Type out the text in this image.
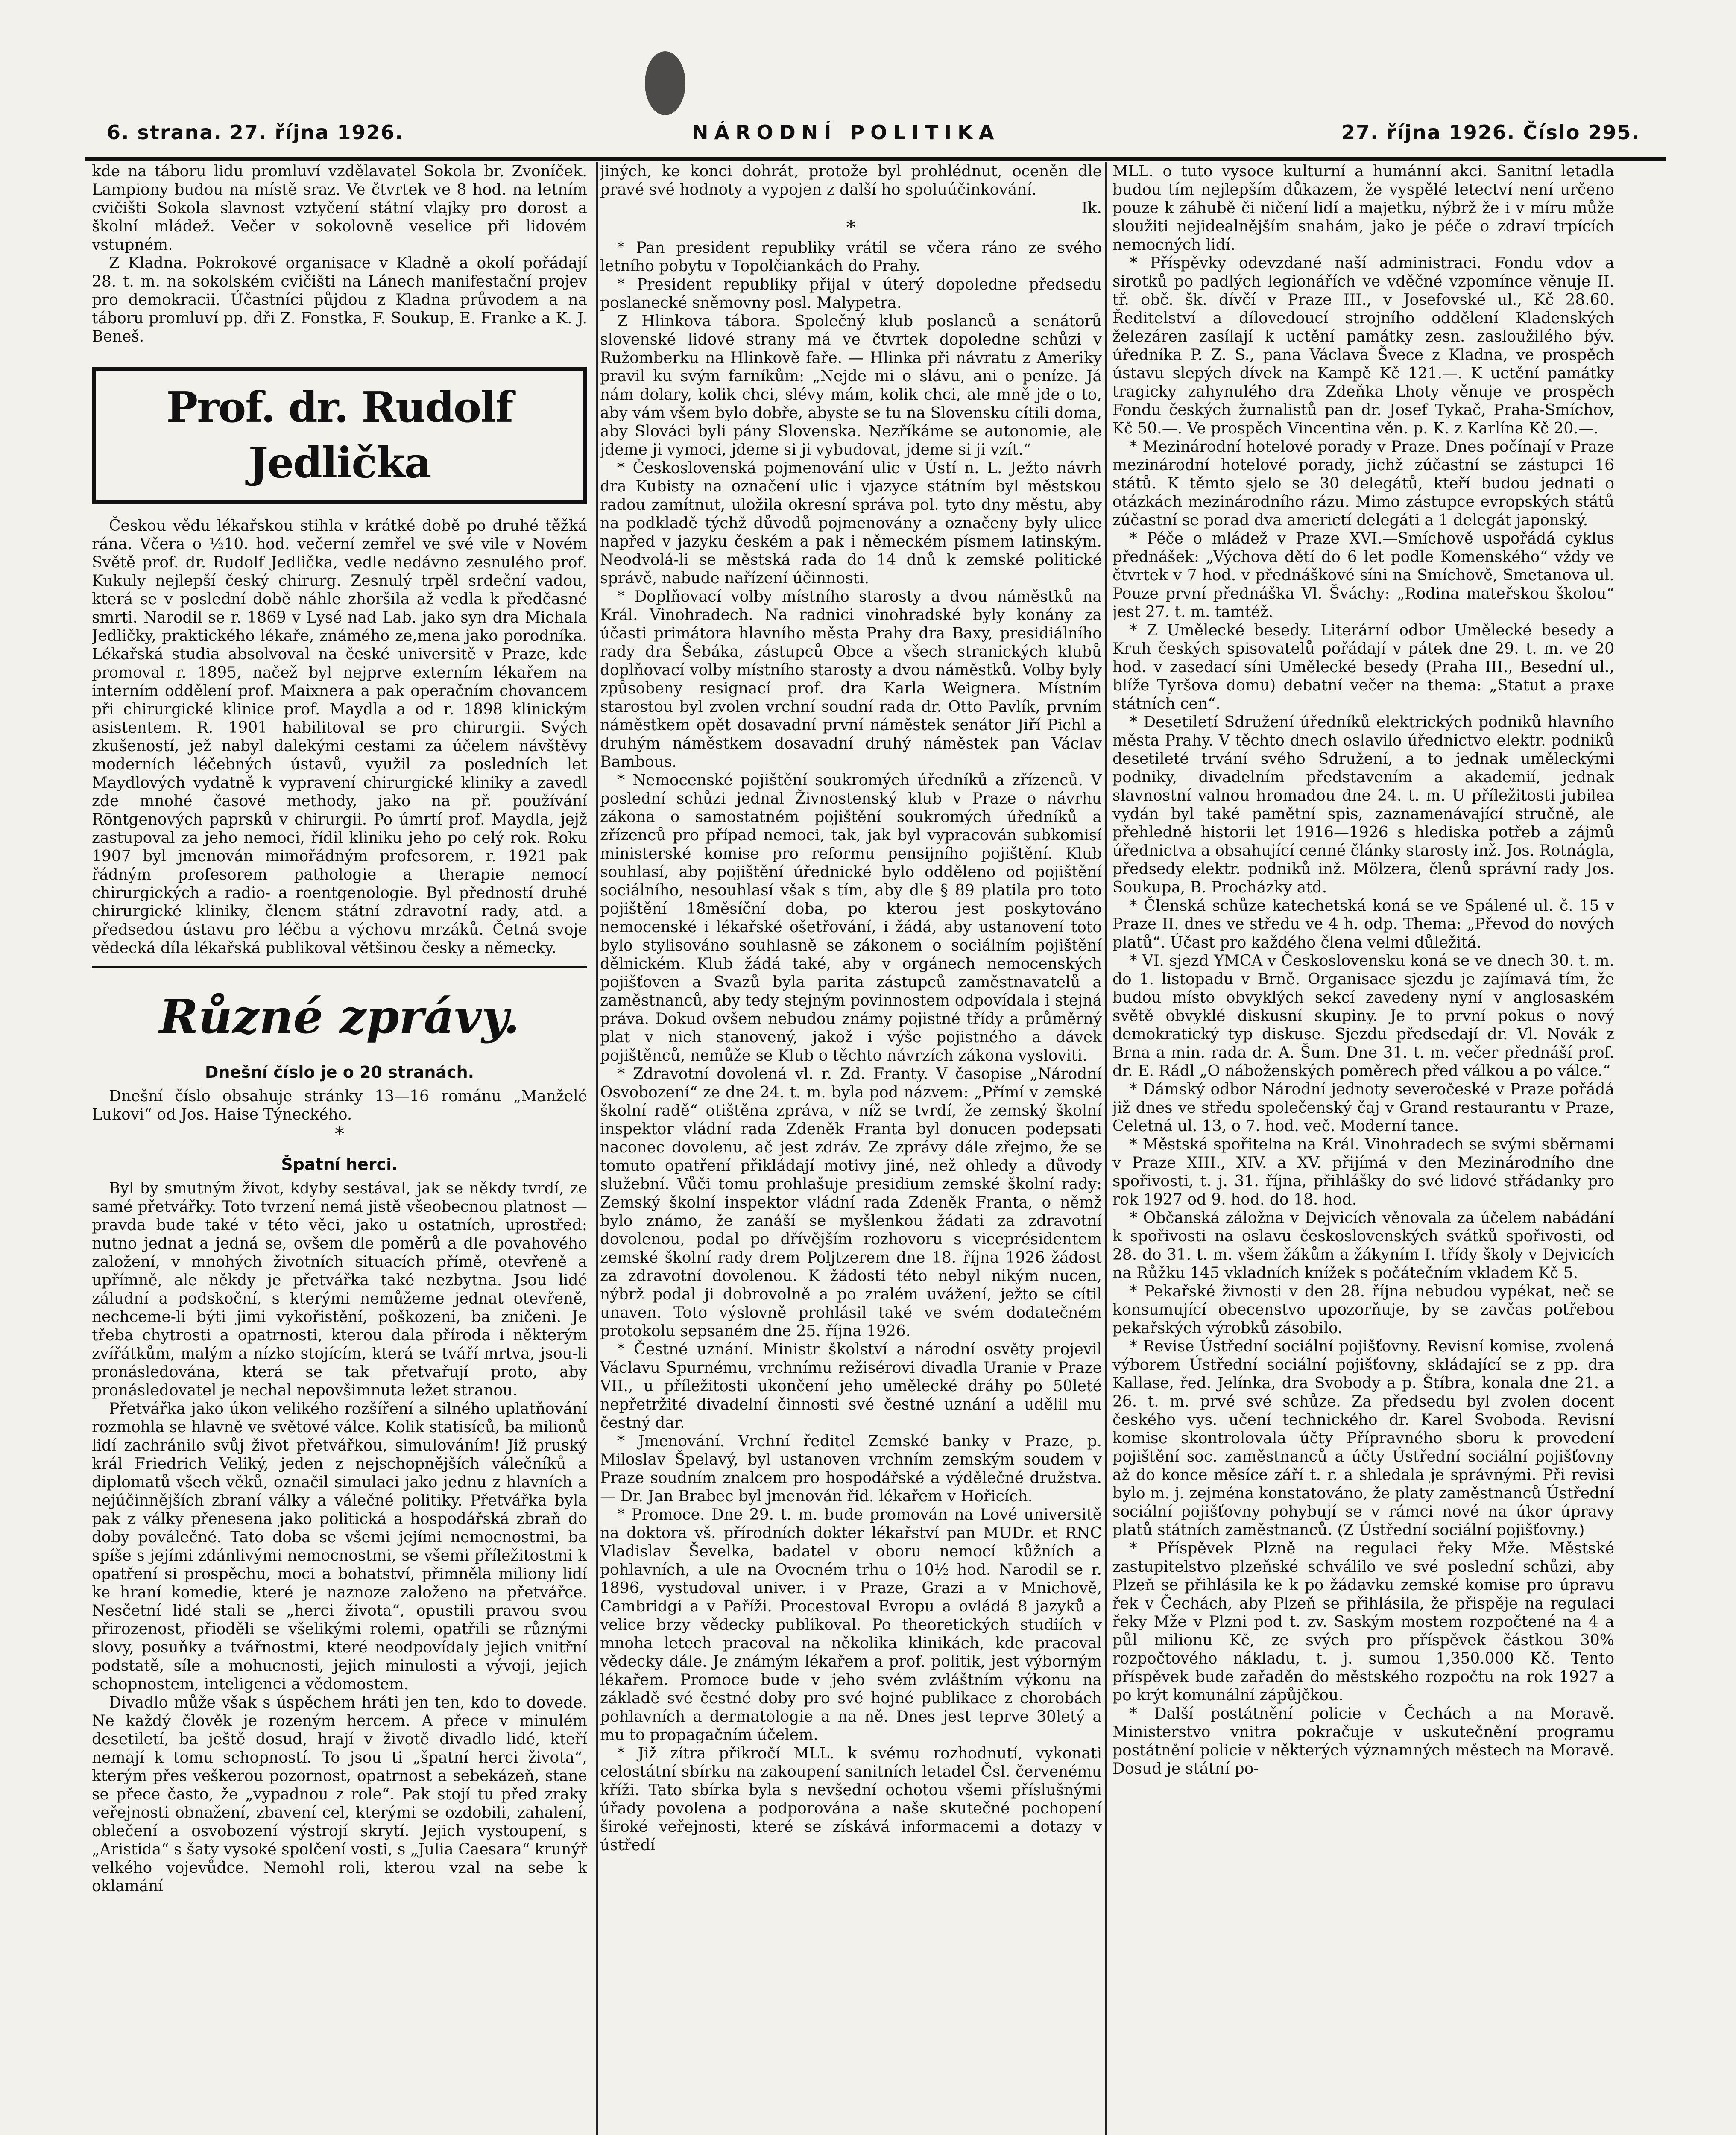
6. strana. 27. října 1926.	NÁRODNÍ POLITIKA	27. října 1926. Číslo 295.

kde na táboru lidu promluví vzdělavatel Sokola br. Zvoníček. Lampiony budou na místě sraz. Ve čtvrtek ve 8 hod. na letním cvičišti Sokola slavnost vztyčení státní vlajky pro dorost a školní mládež. Večer v sokolovně veselice při lidovém vstupném.

Z Kladna. Pokrokové organisace v Kladně a okolí pořádají 28. t. m. na sokolském cvičišti na Lánech manifestační projev pro demokracii. Účastníci půjdou z Kladna průvodem a na táboru promluví pp. dři Z. Fonstka, F. Soukup, E. Franke a K. J. Beneš.

Prof. dr. Rudolf Jedlička

Českou vědu lékařskou stihla v krátké době po druhé těžká rána. Včera o ½10. hod. večerní zemřel ve své vile v Novém Světě prof. dr. Rudolf Jedlička, vedle nedávno zesnulého prof. Kukuly nejlepší český chirurg. Zesnulý trpěl srdeční vadou, která se v poslední době náhle zhoršila až vedla k předčasné smrti. Narodil se r. 1869 v Lysé nad Lab. jako syn dra Michala Jedličky, praktického lékaře, známého ze,mena jako porodníka. Lékařská studia absolvoval na české universitě v Praze, kde promoval r. 1895, načež byl nejprve externím lékařem na interním oddělení prof. Maixnera a pak operačním chovancem při chirurgické klinice prof. Maydla a od r. 1898 klinickým asistentem. R. 1901 habilitoval se pro chirurgii. Svých zkušeností, jež nabyl dalekými cestami za účelem návštěvy moderních léčebných ústavů, využil za posledních let Maydlových vydatně k vypravení chirurgické kliniky a zavedl zde mnohé časové methody, jako na př. používání Röntgenových paprsků v chirurgii. Po úmrtí prof. Maydla, jejž zastupoval za jeho nemoci, řídil kliniku jeho po celý rok. Roku 1907 byl jmenován mimořádným profesorem, r. 1921 pak řádným profesorem pathologie a therapie nemocí chirurgických a radio- a roentgenologie. Byl předností druhé chirurgické kliniky, členem státní zdravotní rady, atd. a předsedou ústavu pro léčbu a výchovu mrzáků. Četná svoje vědecká díla lékařská publikoval většinou česky a německy.

Různé zprávy.
Dnešní číslo je o 20 stranách.

Dnešní číslo obsahuje stránky 13—16 románu „Manželé Lukovi“ od Jos. Haise Týneckého.

*
Špatní herci.

Byl by smutným život, kdyby sestával, jak se někdy tvrdí, ze samé přetvářky. Toto tvrzení nemá jistě všeobecnou platnost — pravda bude také v této věci, jako u ostatních, uprostřed: nutno jednat a jedná se, ovšem dle poměrů a dle povahového založení, v mnohých životních situacích přímě, otevřeně a upřímně, ale někdy je přetvářka také nezbytna. Jsou lidé záludní a podskoční, s kterými nemůžeme jednat otevřeně, nechceme-li býti jimi vykořistění, poškozeni, ba zničeni. Je třeba chytrosti a opatrnosti, kterou dala příroda i některým zvířátkům, malým a nízko stojícím, která se tváří mrtva, jsou-li pronásledována, která se tak přetvařují proto, aby pronásledovatel je nechal nepovšimnuta ležet stranou.

Přetvářka jako úkon velikého rozšíření a silného uplatňování rozmohla se hlavně ve světové válce. Kolik statisíců, ba milionů lidí zachránilo svůj život přetvářkou, simulováním! Již pruský král Friedrich Veliký, jeden z nejschopnějších válečníků a diplomatů všech věků, označil simulaci jako jednu z hlavních a nejúčinnějších zbraní války a válečné politiky. Přetvářka byla pak z války přenesena jako politická a hospodářská zbraň do doby poválečné. Tato doba se všemi jejími nemocnostmi, ba spíše s jejími zdánlivými nemocnostmi, se všemi příležitostmi k opatření si prospěchu, moci a bohatství, přimněla miliony lidí ke hraní komedie, které je naznoze založeno na přetvářce. Nesčetní lidé stali se „herci života“, opustili pravou svou přirozenost, přioděli se všelikými rolemi, opatřili se různými slovy, posuňky a tvářnostmi, které neodpovídaly jejich vnitřní podstatě, síle a mohucnosti, jejich minulosti a vývoji, jejich schopnostem, inteligenci a vědomostem.

Divadlo může však s úspěchem hráti jen ten, kdo to dovede. Ne každý člověk je rozeným hercem. A přece v minulém desetiletí, ba ještě dosud, hrají v životě divadlo lidé, kteří nemají k tomu schopností. To jsou ti „špatní herci života“, kterým přes veškerou pozornost, opatrnost a sebekázeň, stane se přece často, že „vypadnou z role“. Pak stojí tu před zraky veřejnosti obnažení, zbavení cel, kterými se ozdobili, zahalení, oblečení a osvobození výstrojí skrytí. Jejich vystoupení, s „Aristida“ s šaty vysoké spolčení vosti, s „Julia Caesara“ krunýř velkého vojevůdce. Nemohl roli, kterou vzal na sebe k oklamání

jiných, ke konci dohrát, protože byl prohlédnut, oceněn dle pravé své hodnoty a vypojen z další ho spoluúčinkování.

Ik.

*

* Pan president republiky vrátil se včera ráno ze svého letního pobytu v Topolčiankách do Prahy.

* President republiky přijal v úterý dopoledne předsedu poslanecké sněmovny posl. Malypetra.

Z Hlinkova tábora. Společný klub poslanců a senátorů slovenské lidové strany má ve čtvrtek dopoledne schůzi v Ružomberku na Hlinkově faře. — Hlinka při návratu z Ameriky pravil ku svým farníkům: „Nejde mi o slávu, ani o peníze. Já nám dolary, kolik chci, slévy mám, kolik chci, ale mně jde o to, aby vám všem bylo dobře, abyste se tu na Slovensku cítili doma, aby Slováci byli pány Slovenska. Nezříkáme se autonomie, ale jdeme ji vymoci, jdeme si ji vybudovat, jdeme si ji vzít.“

* Československá pojmenování ulic v Ústí n. L. Ježto návrh dra Kubisty na označení ulic i vjazyce státním byl městskou radou zamítnut, uložila okresní správa pol. tyto dny městu, aby na podkladě týchž důvodů pojmenovány a označeny byly ulice napřed v jazyku českém a pak i německém písmem latinským. Neodvolá-li se městská rada do 14 dnů k zemské politické správě, nabude nařízení účinnosti.

* Doplňovací volby místního starosty a dvou náměstků na Král. Vinohradech. Na radnici vinohradské byly konány za účasti primátora hlavního města Prahy dra Baxy, presidiálního rady dra Šebáka, zástupců Obce a všech stranických klubů doplňovací volby místního starosty a dvou náměstků. Volby byly způsobeny resignací prof. dra Karla Weignera. Místním starostou byl zvolen vrchní soudní rada dr. Otto Pavlík, prvním náměstkem opět dosavadní první náměstek senátor Jiří Pichl a druhým náměstkem dosavadní druhý náměstek pan Václav Bambous.

* Nemocenské pojištění soukromých úředníků a zřízenců. V poslední schůzi jednal Živnostenský klub v Praze o návrhu zákona o samostatném pojištění soukromých úředníků a zřízenců pro případ nemoci, tak, jak byl vypracován subkomisí ministerské komise pro reformu pensijního pojištění. Klub souhlasí, aby pojištění úřednické bylo odděleno od pojištění sociálního, nesouhlasí však s tím, aby dle § 89 platila pro toto pojištění 18měsíční doba, po kterou jest poskytováno nemocenské i lékařské ošetřování, i žádá, aby ustanovení toto bylo stylisováno souhlasně se zákonem o sociálním pojištění dělnickém. Klub žádá také, aby v orgánech nemocenských pojišťoven a Svazů byla parita zástupců zaměstnavatelů a zaměstnanců, aby tedy stejným povinnostem odpovídala i stejná práva. Dokud ovšem nebudou známy pojistné třídy a průměrný plat v nich stanovený, jakož i výše pojistného a dávek pojištěnců, nemůže se Klub o těchto návrzích zákona vysloviti.

* Zdravotní dovolená vl. r. Zd. Franty. V časopise „Národní Osvobození“ ze dne 24. t. m. byla pod názvem: „Přímí v zemské školní radě“ otištěna zpráva, v níž se tvrdí, že zemský školní inspektor vládní rada Zdeněk Franta byl donucen podepsati naconec dovolenu, ač jest zdráv. Ze zprávy dále zřejmo, že se tomuto opatření přikládají motivy jiné, než ohledy a důvody služební. Vůči tomu prohlašuje presidium zemské školní rady: Zemský školní inspektor vládní rada Zdeněk Franta, o němž bylo známo, že zanáší se myšlenkou žádati za zdravotní dovolenou, podal po dřívějším rozhovoru s viceprésidentem zemské školní rady drem Poljtzerem dne 18. října 1926 žádost za zdravotní dovolenou. K žádosti této nebyl nikým nucen, nýbrž podal ji dobrovolně a po zralém uvážení, ježto se cítil unaven. Toto výslovně prohlásil také ve svém dodatečném protokolu sepsaném dne 25. října 1926.

* Čestné uznání. Ministr školství a národní osvěty projevil Václavu Spurnému, vrchnímu režisérovi divadla Uranie v Praze VII., u příležitosti ukončení jeho umělecké dráhy po 50leté nepřetržité divadelní činnosti své čestné uznání a udělil mu čestný dar.

* Jmenování. Vrchní ředitel Zemské banky v Praze, p. Miloslav Špelavý, byl ustanoven vrchním zemským soudem v Praze soudním znalcem pro hospodářské a výdělečné družstva. — Dr. Jan Brabec byl jmenován řid. lékařem v Hořicích.

* Promoce. Dne 29. t. m. bude promován na Lové universitě na doktora vš. přírodních dokter lékařství pan MUDr. et RNC Vladislav Ševelka, badatel v oboru nemocí kůžních a pohlavních, a ule na Ovocném trhu o 10½ hod. Narodil se r. 1896, vystudoval univer. i v Praze, Grazi a v Mnichově, Cambridgi a v Paříži. Procestoval Evropu a ovládá 8 jazyků a velice brzy vědecky publikoval. Po theoretických studiích v mnoha letech pracoval na několika klinikách, kde pracoval vědecky dále. Je známým lékařem a prof. politik, jest výborným lékařem. Promoce bude v jeho svém zvláštním výkonu na základě své čestné doby pro své hojné publikace z chorobách pohlavních a dermatologie a na ně. Dnes jest teprve 30letý a mu to propagačním účelem.

* Již zítra přikročí MLL. k svému rozhodnutí, vykonati celostátní sbírku na zakoupení sanitních letadel Čsl. červenému kříži. Tato sbírka byla s nevšední ochotou všemi příslušnými úřady povolena a podporována a naše skutečné pochopení široké veřejnosti, které se získává informacemi a dotazy v ústředí

MLL. o tuto vysoce kulturní a humánní akci. Sanitní letadla budou tím nejlepším důkazem, že vyspělé letectví není určeno pouze k záhubě či ničení lidí a majetku, nýbrž že i v míru může sloužiti nejidealnějším snahám, jako je péče o zdraví trpících nemocných lidí.

* Příspěvky odevzdané naší administraci. Fondu vdov a sirotků po padlých legionářích ve vděčné vzpomínce věnuje II. tř. obč. šk. dívčí v Praze III., v Josefovské ul., Kč 28.60. Ředitelství a dílovedoucí strojního oddělení Kladenských železáren zasílají k uctění památky zesn. zasloužilého býv. úředníka P. Z. S., pana Václava Švece z Kladna, ve prospěch ústavu slepých dívek na Kampě Kč 121.—. K uctění památky tragicky zahynulého dra Zdeňka Lhoty věnuje ve prospěch Fondu českých žurnalistů pan dr. Josef Tykač, Praha-Smíchov, Kč 50.—. Ve prospěch Vincentina věn. p. K. z Karlína Kč 20.—.

* Mezinárodní hotelové porady v Praze. Dnes počínají v Praze mezinárodní hotelové porady, jichž zúčastní se zástupci 16 států. K těmto sjelo se 30 delegátů, kteří budou jednati o otázkách mezinárodního rázu. Mimo zástupce evropských států zúčastní se porad dva americtí delegáti a 1 delegát japonský.

* Péče o mládež v Praze XVI.—Smíchově uspořádá cyklus přednášek: „Výchova dětí do 6 let podle Komenského“ vždy ve čtvrtek v 7 hod. v přednáškové síni na Smíchově, Smetanova ul. Pouze první přednáška Vl. Šváchy: „Rodina mateřskou školou“ jest 27. t. m. tamtéž.

* Z Umělecké besedy. Literární odbor Umělecké besedy a Kruh českých spisovatelů pořádají v pátek dne 29. t. m. ve 20 hod. v zasedací síni Umělecké besedy (Praha III., Besední ul., blíže Tyršova domu) debatní večer na thema: „Statut a praxe státních cen“.

* Desetiletí Sdružení úředníků elektrických podniků hlavního města Prahy. V těchto dnech oslavilo úřednictvo elektr. podniků desetileté trvání svého Sdružení, a to jednak uměleckými podniky, divadelním představením a akademií, jednak slavnostní valnou hromadou dne 24. t. m. U příležitosti jubilea vydán byl také pamětní spis, zaznamenávající stručně, ale přehledně historii let 1916—1926 s hlediska potřeb a zájmů úřednictva a obsahující cenné články starosty inž. Jos. Rotnágla, předsedy elektr. podniků inž. Mölzera, členů správní rady Jos. Soukupa, B. Procházky atd.

* Členská schůze katechetská koná se ve Spálené ul. č. 15 v Praze II. dnes ve středu ve 4 h. odp. Thema: „Převod do nových platů“. Účast pro každého člena velmi důležitá.

* VI. sjezd YMCA v Československu koná se ve dnech 30. t. m. do 1. listopadu v Brně. Organisace sjezdu je zajímavá tím, že budou místo obvyklých sekcí zavedeny nyní v anglosaském světě obvyklé diskusní skupiny. Je to první pokus o nový demokratický typ diskuse. Sjezdu předsedají dr. Vl. Novák z Brna a min. rada dr. A. Šum. Dne 31. t. m. večer přednáší prof. dr. E. Rádl „O náboženských poměrech před válkou a po válce.“

* Dámský odbor Národní jednoty severočeské v Praze pořádá již dnes ve středu společenský čaj v Grand restaurantu v Praze, Celetná ul. 13, o 7. hod. več. Moderní tance.

* Městská spořitelna na Král. Vinohradech se svými sběrnami v Praze XIII., XIV. a XV. přijímá v den Mezinárodního dne spořivosti, t. j. 31. října, přihlášky do své lidové střádanky pro rok 1927 od 9. hod. do 18. hod.

* Občanská záložna v Dejvicích věnovala za účelem nabádání k spořivosti na oslavu československých svátků spořivosti, od 28. do 31. t. m. všem žákům a žákyním I. třídy školy v Dejvicích na Růžku 145 vkladních knížek s počátečním vkladem Kč 5.

* Pekařské živnosti v den 28. října nebudou vypékat, neč se konsumující obecenstvo upozorňuje, by se zavčas potřebou pekařských výrobků zásobilo.

* Revise Ústřední sociální pojišťovny. Revisní komise, zvolená výborem Ústřední sociální pojišťovny, skládající se z pp. dra Kallase, řed. Jelínka, dra Svobody a p. Štíbra, konala dne 21. a 26. t. m. prvé své schůze. Za předsedu byl zvolen docent českého vys. učení technického dr. Karel Svoboda. Revisní komise skontrolovala účty Přípravného sboru k provedení pojištění soc. zaměstnanců a účty Ústřední sociální pojišťovny až do konce měsíce září t. r. a shledala je správnými. Při revisi bylo m. j. zejména konstatováno, že platy zaměstnanců Ústřední sociální pojišťovny pohybují se v rámci nové na úkor úpravy platů státních zaměstnanců. (Z Ústřední sociální pojišťovny.)

* Příspěvek Plzně na regulaci řeky Mže. Městské zastupitelstvo plzeňské schválilo ve své poslední schůzi, aby Plzeň se přihlásila ke k po žádavku zemské komise pro úpravu řek v Čechách, aby Plzeň se přihlásila, že přispěje na regulaci řeky Mže v Plzni pod t. zv. Saským mostem rozpočtené na 4 a půl milionu Kč, ze svých pro příspěvek částkou 30% rozpočtového nákladu, t. j. sumou 1,350.000 Kč. Tento příspěvek bude zařaděn do městského rozpočtu na rok 1927 a po krýt komunální zápůjčkou.

* Další postátnění policie v Čechách a na Moravě. Ministerstvo vnitra pokračuje v uskutečnění programu postátnění policie v některých významných městech na Moravě. Dosud je státní po-
